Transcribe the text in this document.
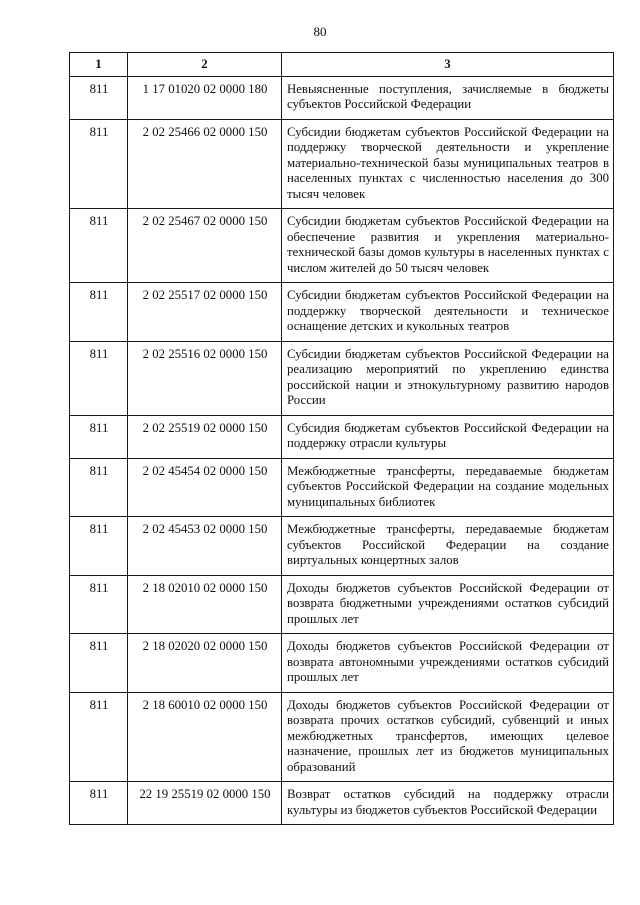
80
1	2	3
811	1 17 01020 02 0000 180	Невыясненные поступления, зачисляемые в бюджеты субъектов Российской Федерации
811	2 02 25466 02 0000 150	Субсидии бюджетам субъектов Российской Федерации на поддержку творческой деятельности и укрепление материально-технической базы муниципальных театров в населенных пунктах с численностью населения до 300 тысяч человек
811	2 02 25467 02 0000 150	Субсидии бюджетам субъектов Российской Федерации на обеспечение развития и укрепления материально-технической базы домов культуры в населенных пунктах с числом жителей до 50 тысяч человек
811	2 02 25517 02 0000 150	Субсидии бюджетам субъектов Российской Федерации на поддержку творческой деятельности и техническое оснащение детских и кукольных театров
811	2 02 25516 02 0000 150	Субсидии бюджетам субъектов Российской Федерации на реализацию мероприятий по укреплению единства российской нации и этнокультурному развитию народов России
811	2 02 25519 02 0000 150	Субсидия бюджетам субъектов Российской Федерации на поддержку отрасли культуры
811	2 02 45454 02 0000 150	Межбюджетные трансферты, передаваемые бюджетам субъектов Российской Федерации на создание модельных муниципальных библиотек
811	2 02 45453 02 0000 150	Межбюджетные трансферты, передаваемые бюджетам субъектов Российской Федерации на создание виртуальных концертных залов
811	2 18 02010 02 0000 150	Доходы бюджетов субъектов Российской Федерации от возврата бюджетными учреждениями остатков субсидий прошлых лет
811	2 18 02020 02 0000 150	Доходы бюджетов субъектов Российской Федерации от возврата автономными учреждениями остатков субсидий прошлых лет
811	2 18 60010 02 0000 150	Доходы бюджетов субъектов Российской Федерации от возврата прочих остатков субсидий, субвенций и иных межбюджетных трансфертов, имеющих целевое назначение, прошлых лет из бюджетов муниципальных образований
811	22 19 25519 02 0000 150	Возврат остатков субсидий на поддержку отрасли культуры из бюджетов субъектов Российской Федерации
